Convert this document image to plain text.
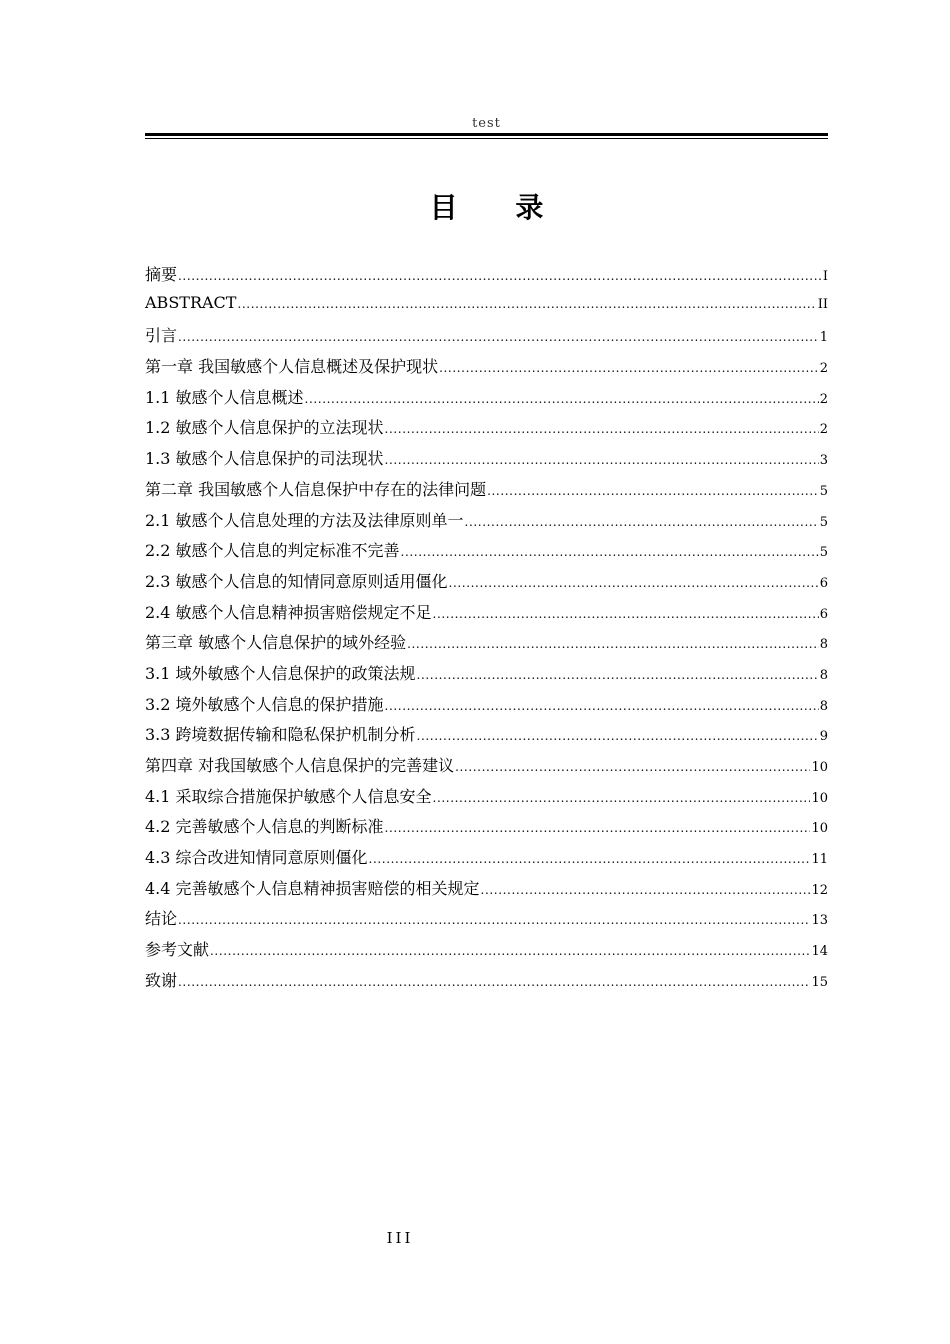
test
目 录
摘要 .....	I
ABSTRACT .....	II
引言 .....	1
第一章 我国敏感个人信息概述及保护现状 .....	2
1.1 敏感个人信息概述 .....	2
1.2 敏感个人信息保护的立法现状 .....	2
1.3 敏感个人信息保护的司法现状 .....	3
第二章 我国敏感个人信息保护中存在的法律问题 .....	5
2.1 敏感个人信息处理的方法及法律原则单一 .....	5
2.2 敏感个人信息的判定标准不完善 .....	5
2.3 敏感个人信息的知情同意原则适用僵化 .....	6
2.4 敏感个人信息精神损害赔偿规定不足 .....	6
第三章 敏感个人信息保护的域外经验 .....	8
3.1 域外敏感个人信息保护的政策法规 .....	8
3.2 境外敏感个人信息的保护措施 .....	8
3.3 跨境数据传输和隐私保护机制分析 .....	9
第四章 对我国敏感个人信息保护的完善建议 .....	10
4.1 采取综合措施保护敏感个人信息安全 .....	10
4.2 完善敏感个人信息的判断标准 .....	10
4.3 综合改进知情同意原则僵化 .....	11
4.4 完善敏感个人信息精神损害赔偿的相关规定 .....	12
结论 .....	13
参考文献 .....	14
致谢 .....	15
III
